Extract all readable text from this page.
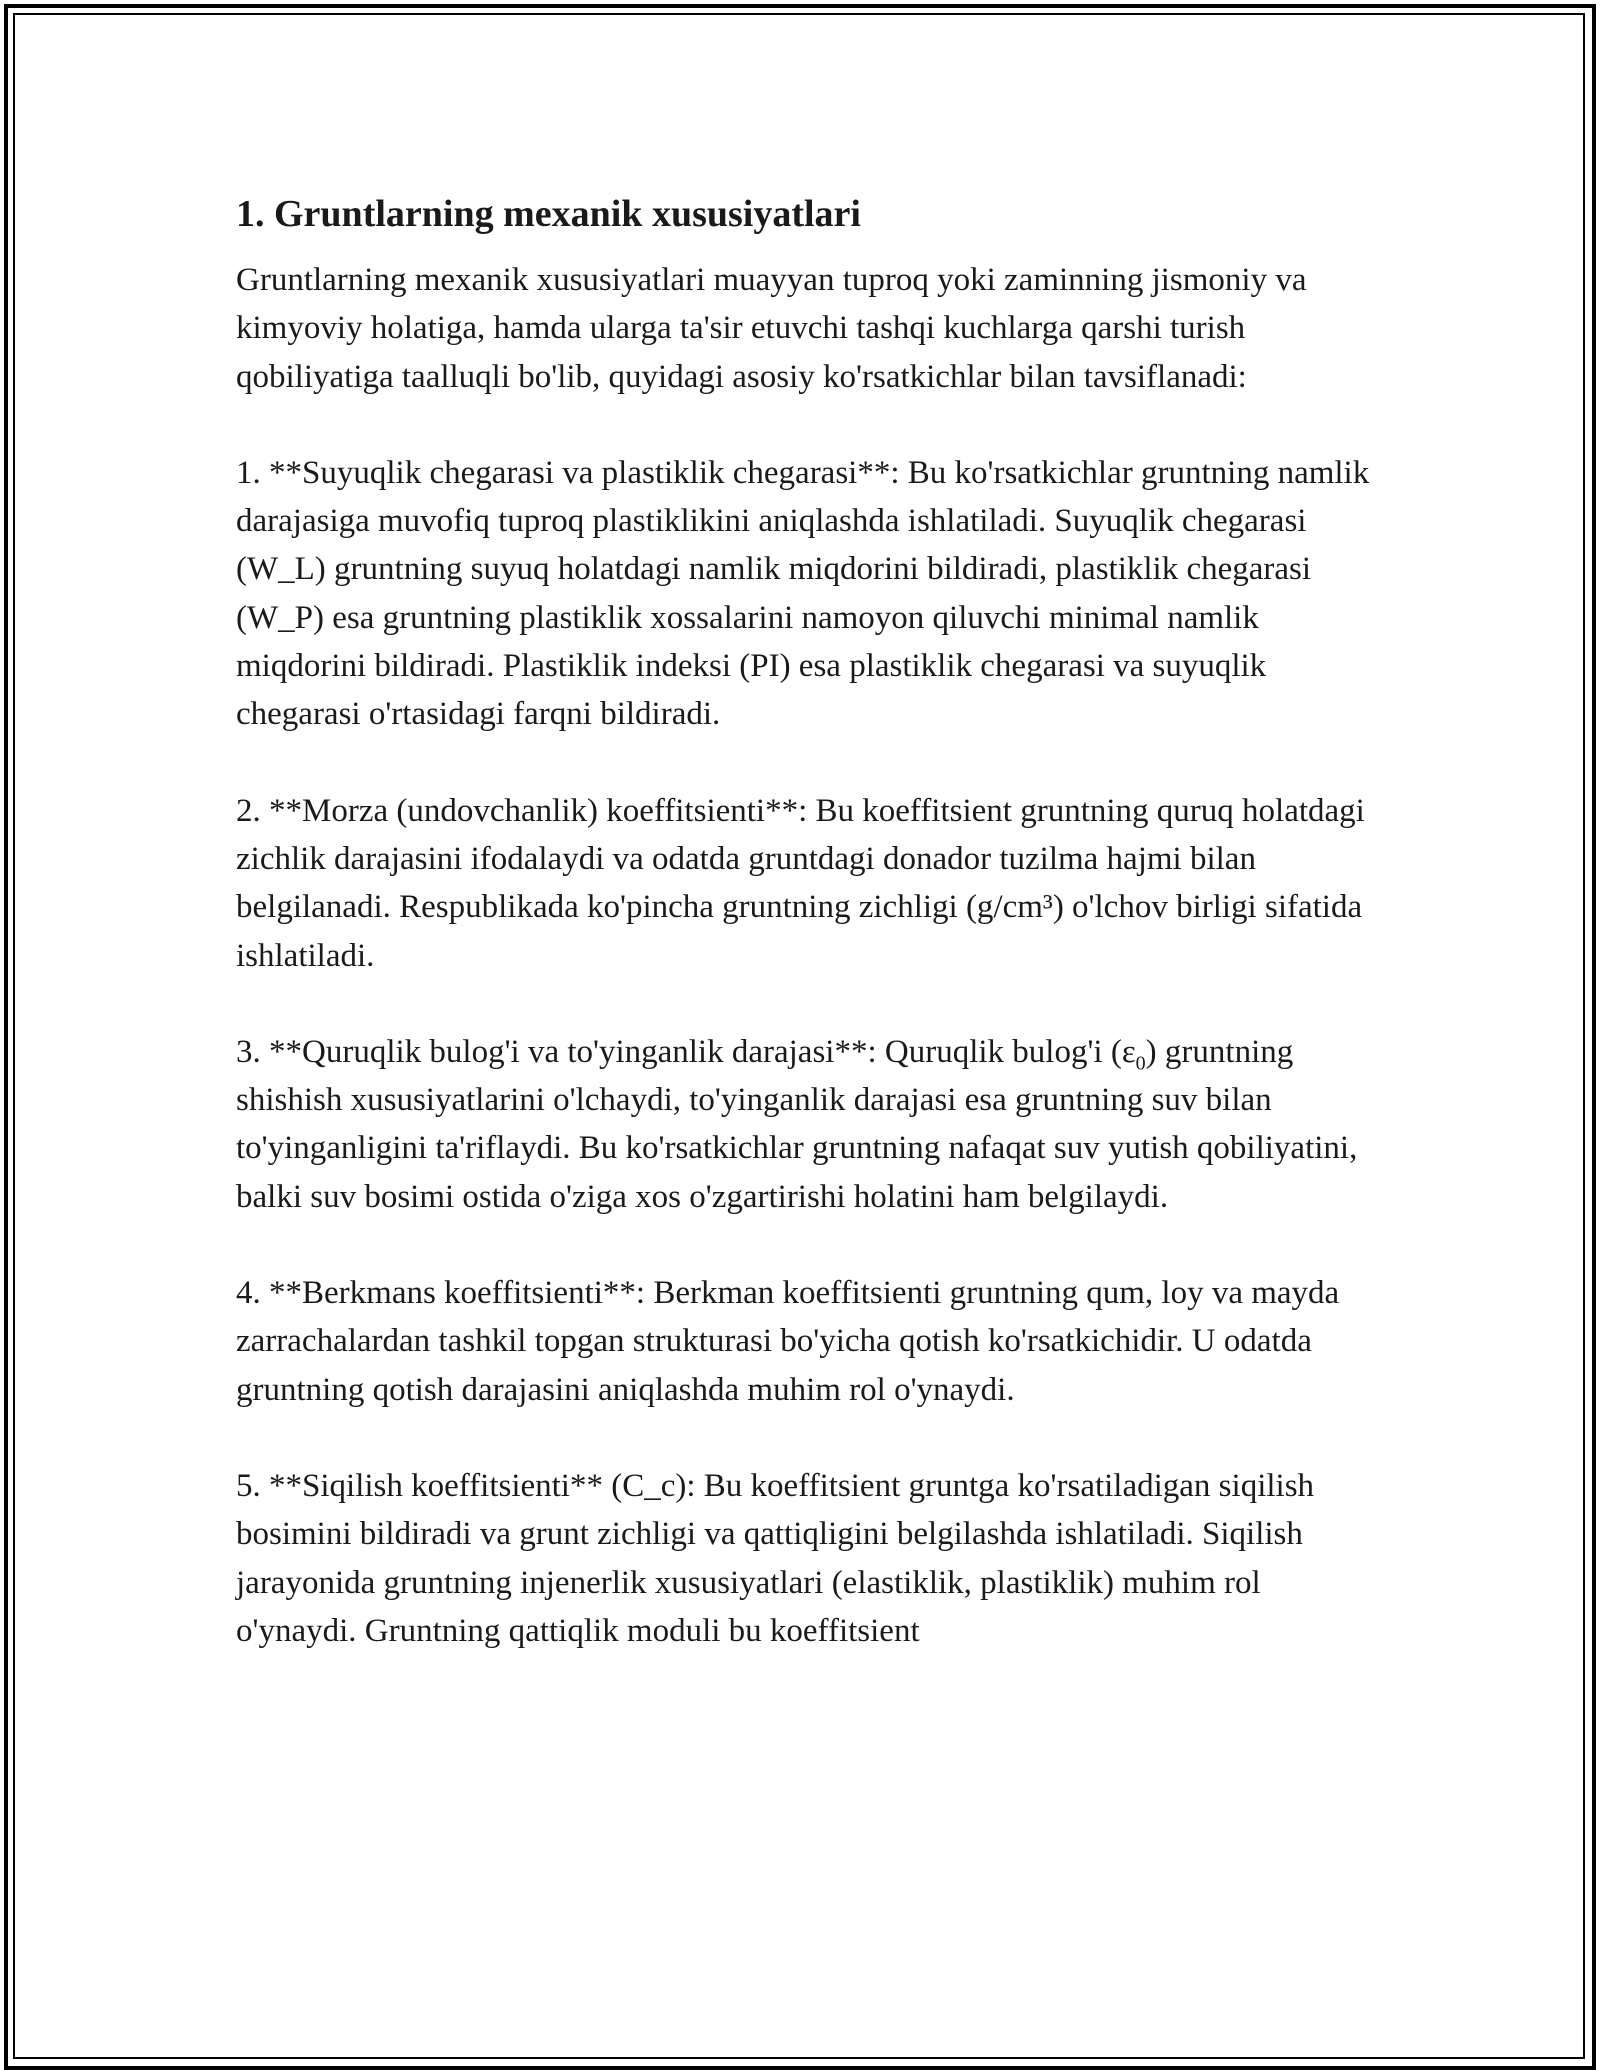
1. Gruntlarning mexanik xususiyatlari

Gruntlarning mexanik xususiyatlari muayyan tuproq yoki zaminning jismoniy va kimyoviy holatiga, hamda ularga ta'sir etuvchi tashqi kuchlarga qarshi turish qobiliyatiga taalluqli bo'lib, quyidagi asosiy ko'rsatkichlar bilan tavsiflanadi:

1. **Suyuqlik chegarasi va plastiklik chegarasi**: Bu ko'rsatkichlar gruntning namlik darajasiga muvofiq tuproq plastiklikini aniqlashda ishlatiladi. Suyuqlik chegarasi (W_L) gruntning suyuq holatdagi namlik miqdorini bildiradi, plastiklik chegarasi (W_P) esa gruntning plastiklik xossalarini namoyon qiluvchi minimal namlik miqdorini bildiradi. Plastiklik indeksi (PI) esa plastiklik chegarasi va suyuqlik chegarasi o'rtasidagi farqni bildiradi.

2. **Morza (undovchanlik) koeffitsienti**: Bu koeffitsient gruntning quruq holatdagi zichlik darajasini ifodalaydi va odatda gruntdagi donador tuzilma hajmi bilan belgilanadi. Respublikada ko'pincha gruntning zichligi (g/cm³) o'lchov birligi sifatida ishlatiladi.

3. **Quruqlik bulog'i va to'yinganlik darajasi**: Quruqlik bulog'i $(\varepsilon_0)$ gruntning shishish xususiyatlarini o'lchaydi, to'yinganlik darajasi esa gruntning suv bilan to'yinganligini ta'riflaydi. Bu ko'rsatkichlar gruntning nafaqat suv yutish qobiliyatini, balki suv bosimi ostida o'ziga xos o'zgartirishi holatini ham belgilaydi.

4. **Berkmans koeffitsienti**: Berkman koeffitsienti gruntning qum, loy va mayda zarrachalardan tashkil topgan strukturasi bo'yicha qotish ko'rsatkichidir. U odatda gruntning qotish darajasini aniqlashda muhim rol o'ynaydi.

5. **Siqilish koeffitsienti** (C_c): Bu koeffitsient gruntga ko'rsatiladigan siqilish bosimini bildiradi va grunt zichligi va qattiqligini belgilashda ishlatiladi. Siqilish jarayonida gruntning injenerlik xususiyatlari (elastiklik, plastiklik) muhim rol o'ynaydi. Gruntning qattiqlik moduli bu koeffitsient
